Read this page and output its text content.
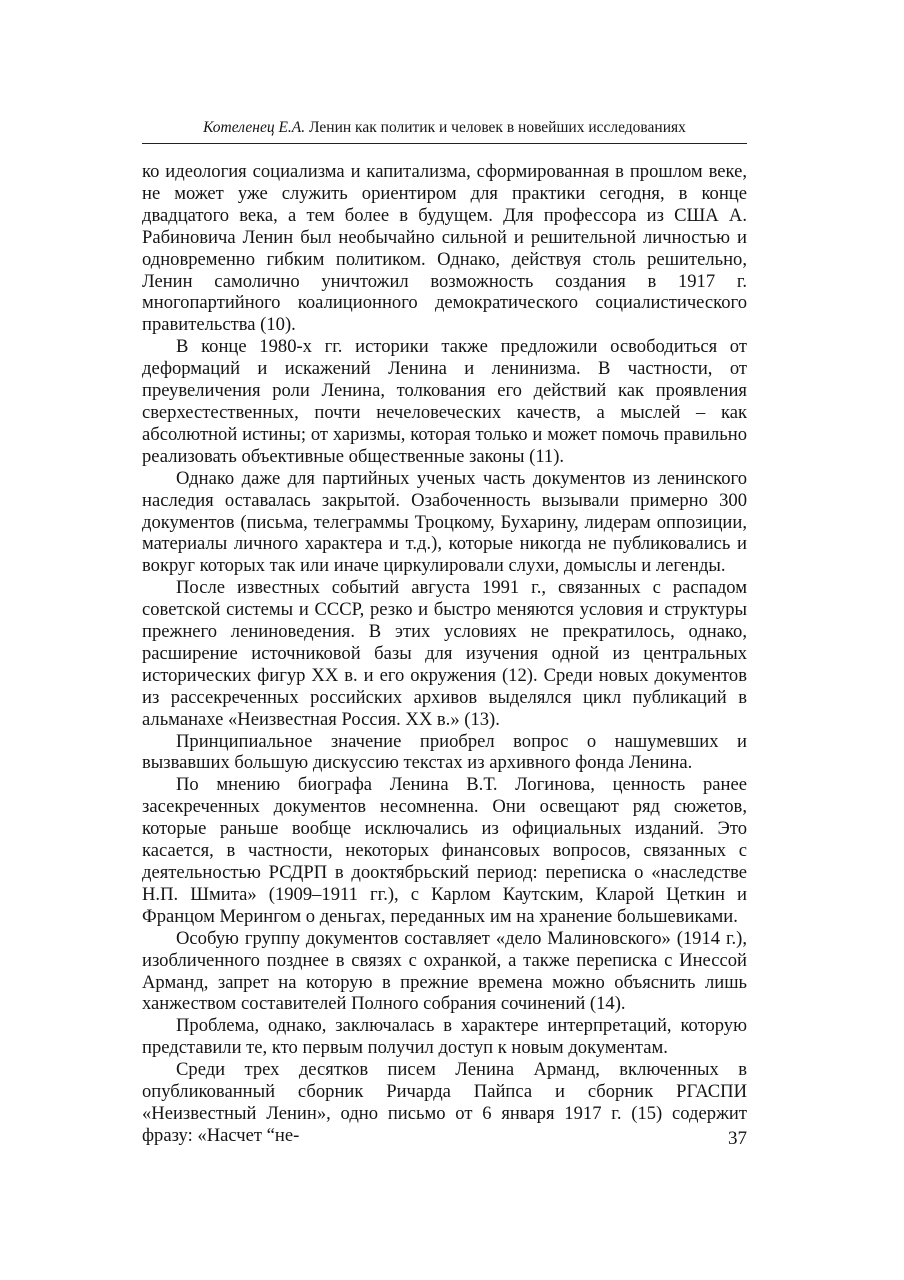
Котеленец Е.А. Ленин как политик и человек в новейших исследованиях

ко идеология социализма и капитализма, сформированная в прошлом веке, не может уже служить ориентиром для практики сегодня, в конце двадцатого века, а тем более в будущем. Для профессора из США А. Рабиновича Ленин был необычайно сильной и решительной личностью и одновременно гибким политиком. Однако, действуя столь решительно, Ленин самолично уничтожил возможность создания в 1917 г. многопартийного коалиционного демократического социалистического правительства (10).

В конце 1980-х гг. историки также предложили освободиться от деформаций и искажений Ленина и ленинизма. В частности, от преувеличения роли Ленина, толкования его действий как проявления сверхестественных, почти нечеловеческих качеств, а мыслей – как абсолютной истины; от харизмы, которая только и может помочь правильно реализовать объективные общественные законы (11).

Однако даже для партийных ученых часть документов из ленинского наследия оставалась закрытой. Озабоченность вызывали примерно 300 документов (письма, телеграммы Троцкому, Бухарину, лидерам оппозиции, материалы личного характера и т.д.), которые никогда не публиковались и вокруг которых так или иначе циркулировали слухи, домыслы и легенды.

После известных событий августа 1991 г., связанных с распадом советской системы и СССР, резко и быстро меняются условия и структуры прежнего лениноведения. В этих условиях не прекратилось, однако, расширение источниковой базы для изучения одной из центральных исторических фигур XX в. и его окружения (12). Среди новых документов из рассекреченных российских архивов выделялся цикл публикаций в альманахе «Неизвестная Россия. XX в.» (13).

Принципиальное значение приобрел вопрос о нашумевших и вызвавших большую дискуссию текстах из архивного фонда Ленина.

По мнению биографа Ленина В.Т. Логинова, ценность ранее засекреченных документов несомненна. Они освещают ряд сюжетов, которые раньше вообще исключались из официальных изданий. Это касается, в частности, некоторых финансовых вопросов, связанных с деятельностью РСДРП в дооктябрьский период: переписка о «наследстве Н.П. Шмита» (1909–1911 гг.), с Карлом Каутским, Кларой Цеткин и Францом Мерингом о деньгах, переданных им на хранение большевиками.

Особую группу документов составляет «дело Малиновского» (1914 г.), изобличенного позднее в связях с охранкой, а также переписка с Инессой Арманд, запрет на которую в прежние времена можно объяснить лишь ханжеством составителей Полного собрания сочинений (14).

Проблема, однако, заключалась в характере интерпретаций, которую представили те, кто первым получил доступ к новым документам.

Среди трех десятков писем Ленина Арманд, включенных в опубликованный сборник Ричарда Пайпса и сборник РГАСПИ «Неизвестный Ленин», одно письмо от 6 января 1917 г. (15) содержит фразу: «Насчет “не-	37
